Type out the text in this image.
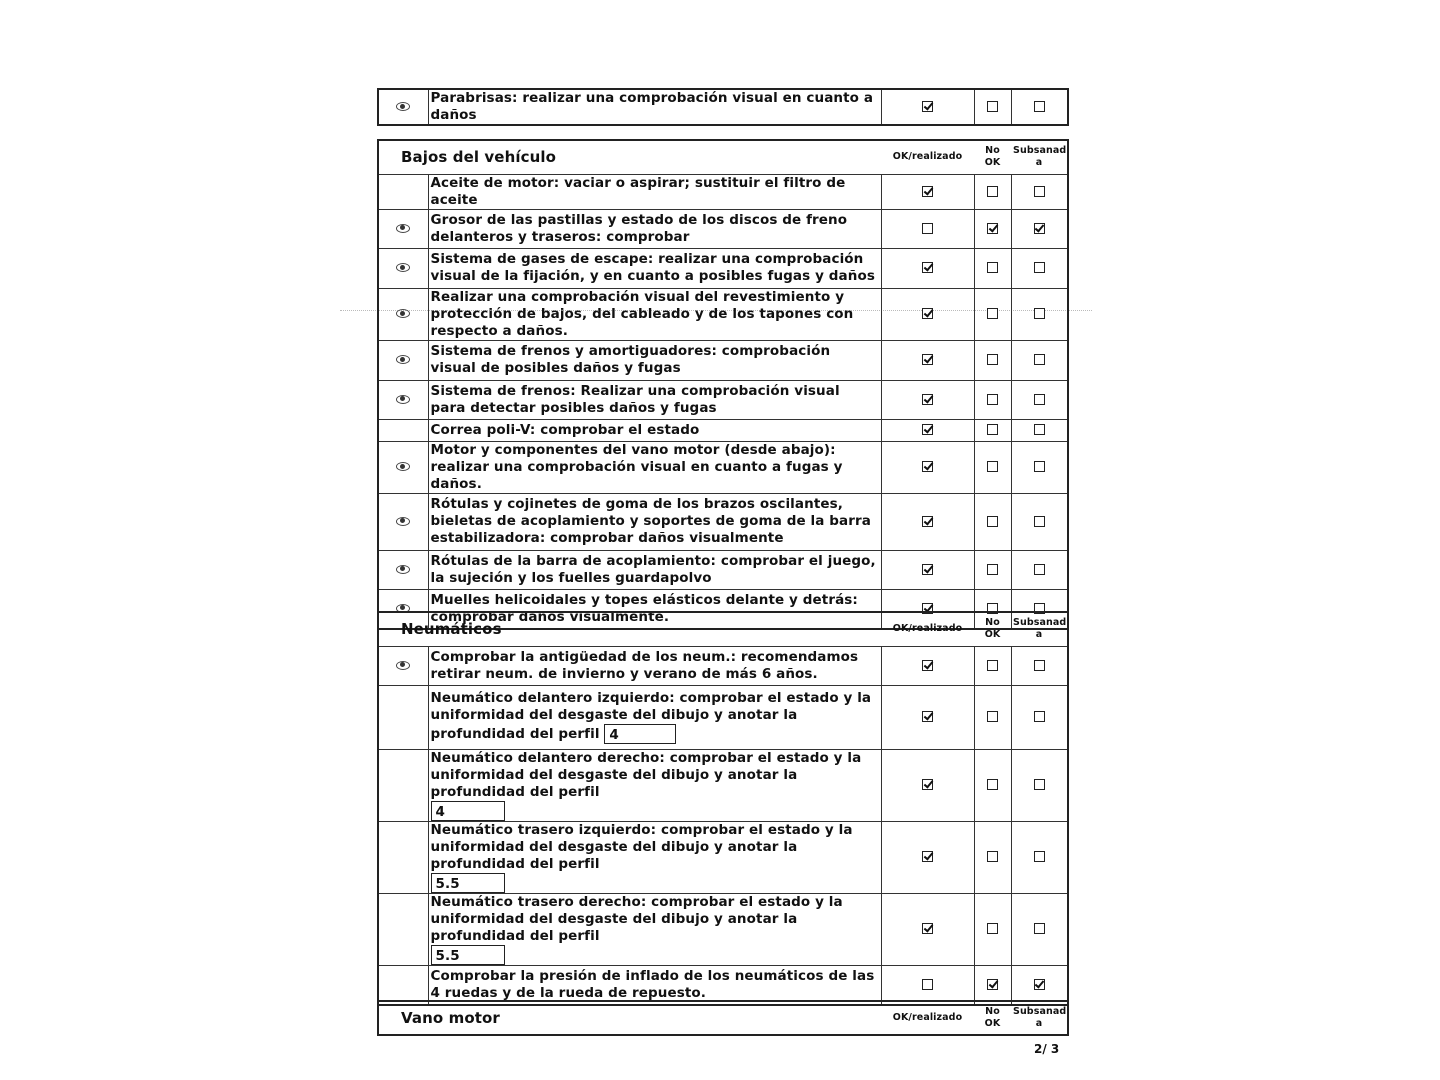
	Parabrisas: realizar una comprobación visual en cuanto a daños			
Bajos del vehículo		OK/realizado	No OK	Subsanad a
	Aceite de motor: vaciar o aspirar; sustituir el filtro de aceite			
	Grosor de las pastillas y estado de los discos de freno delanteros y traseros: comprobar			
	Sistema de gases de escape: realizar una comprobación visual de la fijación, y en cuanto a posibles fugas y daños			
	Realizar una comprobación visual del revestimiento y protección de bajos, del cableado y de los tapones con respecto a daños.			
	Sistema de frenos y amortiguadores: comprobación visual de posibles daños y fugas			
	Sistema de frenos: Realizar una comprobación visual para detectar posibles daños y fugas			
	Correa poli-V: comprobar el estado			
	Motor y componentes del vano motor (desde abajo): realizar una comprobación visual en cuanto a fugas y daños.			
	Rótulas y cojinetes de goma de los brazos oscilantes, bieletas de acoplamiento y soportes de goma de la barra estabilizadora: comprobar daños visualmente			
	Rótulas de la barra de acoplamiento: comprobar el juego, la sujeción y los fuelles guardapolvo			
	Muelles helicoidales y topes elásticos delante y detrás: comprobar daños visualmente.			
Neumáticos		OK/realizado	No OK	Subsanad a
	Comprobar la antigüedad de los neum.: recomendamos retirar neum. de invierno y verano de más 6 años.			
	Neumático delantero izquierdo: comprobar el estado y la uniformidad del desgaste del dibujo y anotar la profundidad del perfil 4			
	Neumático delantero derecho: comprobar el estado y la uniformidad del desgaste del dibujo y anotar la profundidad del perfil
4			
	Neumático trasero izquierdo: comprobar el estado y la uniformidad del desgaste del dibujo y anotar la profundidad del perfil
5.5			
	Neumático trasero derecho: comprobar el estado y la uniformidad del desgaste del dibujo y anotar la profundidad del perfil
5.5			
	Comprobar la presión de inflado de los neumáticos de las 4 ruedas y de la rueda de repuesto.			
Vano motor	OK/realizado	No OK	Subsanad a
2/ 3
